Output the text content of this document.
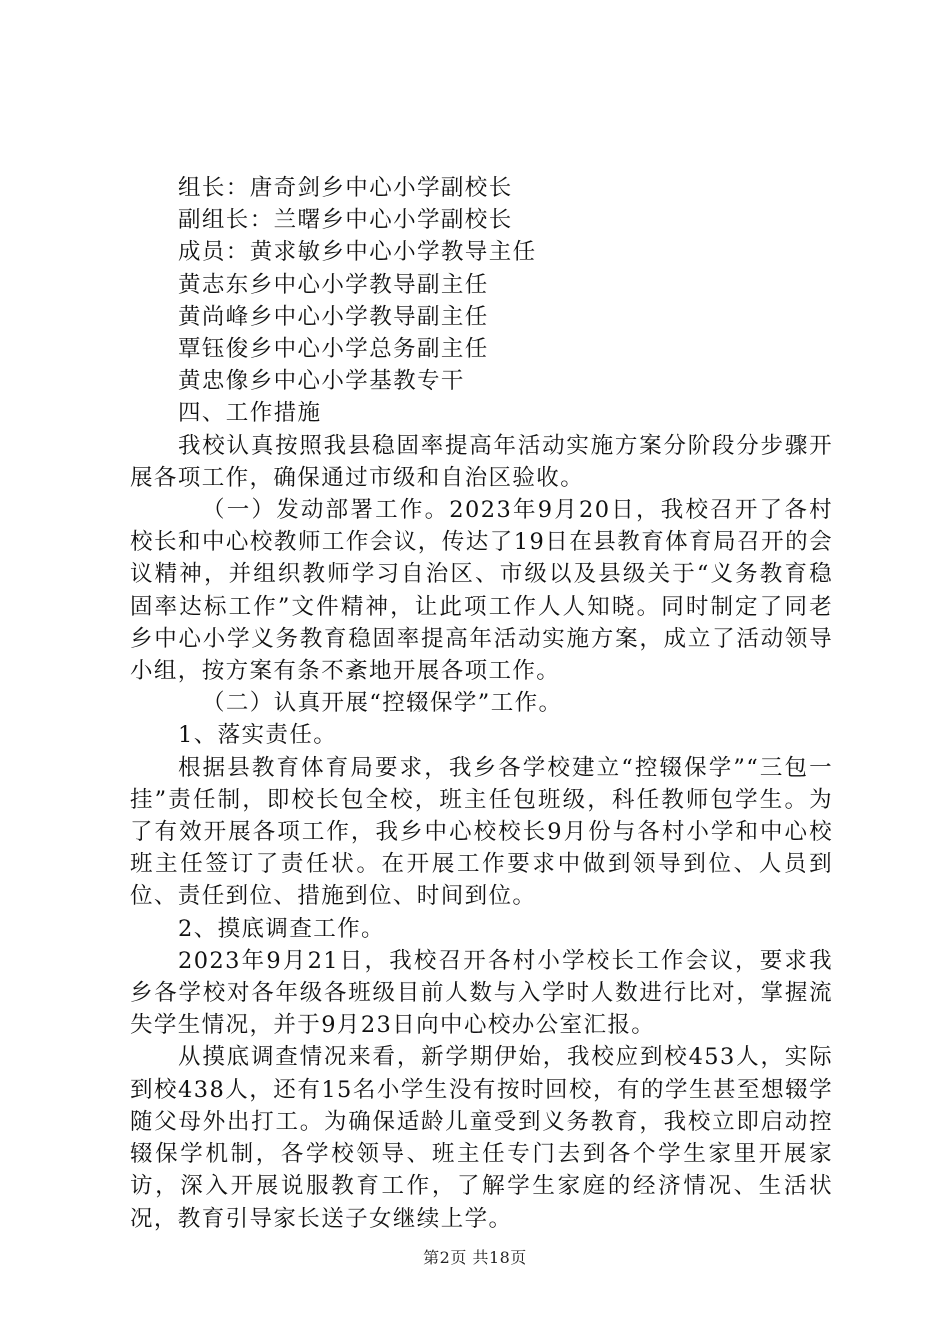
组长：唐奇剑乡中心小学副校长

副组长：兰曙乡中心小学副校长

成员：黄求敏乡中心小学教导主任

黄志东乡中心小学教导副主任

黄尚峰乡中心小学教导副主任

覃钰俊乡中心小学总务副主任

黄忠像乡中心小学基教专干

四、工作措施

我校认真按照我县稳固率提高年活动实施方案分阶段分步骤开展各项工作，确保通过市级和自治区验收。

（一）发动部署工作。2023年9月20日，我校召开了各村校长和中心校教师工作会议，传达了19日在县教育体育局召开的会议精神，并组织教师学习自治区、市级以及县级关于“义务教育稳固率达标工作”文件精神，让此项工作人人知晓。同时制定了同老乡中心小学义务教育稳固率提高年活动实施方案，成立了活动领导小组，按方案有条不紊地开展各项工作。

（二）认真开展“控辍保学”工作。

1、落实责任。

根据县教育体育局要求，我乡各学校建立“控辍保学”“三包一挂”责任制，即校长包全校，班主任包班级，科任教师包学生。为了有效开展各项工作，我乡中心校校长9月份与各村小学和中心校班主任签订了责任状。在开展工作要求中做到领导到位、人员到位、责任到位、措施到位、时间到位。

2、摸底调查工作。

2023年9月21日，我校召开各村小学校长工作会议，要求我乡各学校对各年级各班级目前人数与入学时人数进行比对，掌握流失学生情况，并于9月23日向中心校办公室汇报。

从摸底调查情况来看，新学期伊始，我校应到校453人，实际到校438人，还有15名小学生没有按时回校，有的学生甚至想辍学随父母外出打工。为确保适龄儿童受到义务教育，我校立即启动控辍保学机制，各学校领导、班主任专门去到各个学生家里开展家访，深入开展说服教育工作，了解学生家庭的经济情况、生活状况，教育引导家长送子女继续上学。

第2页 共18页
